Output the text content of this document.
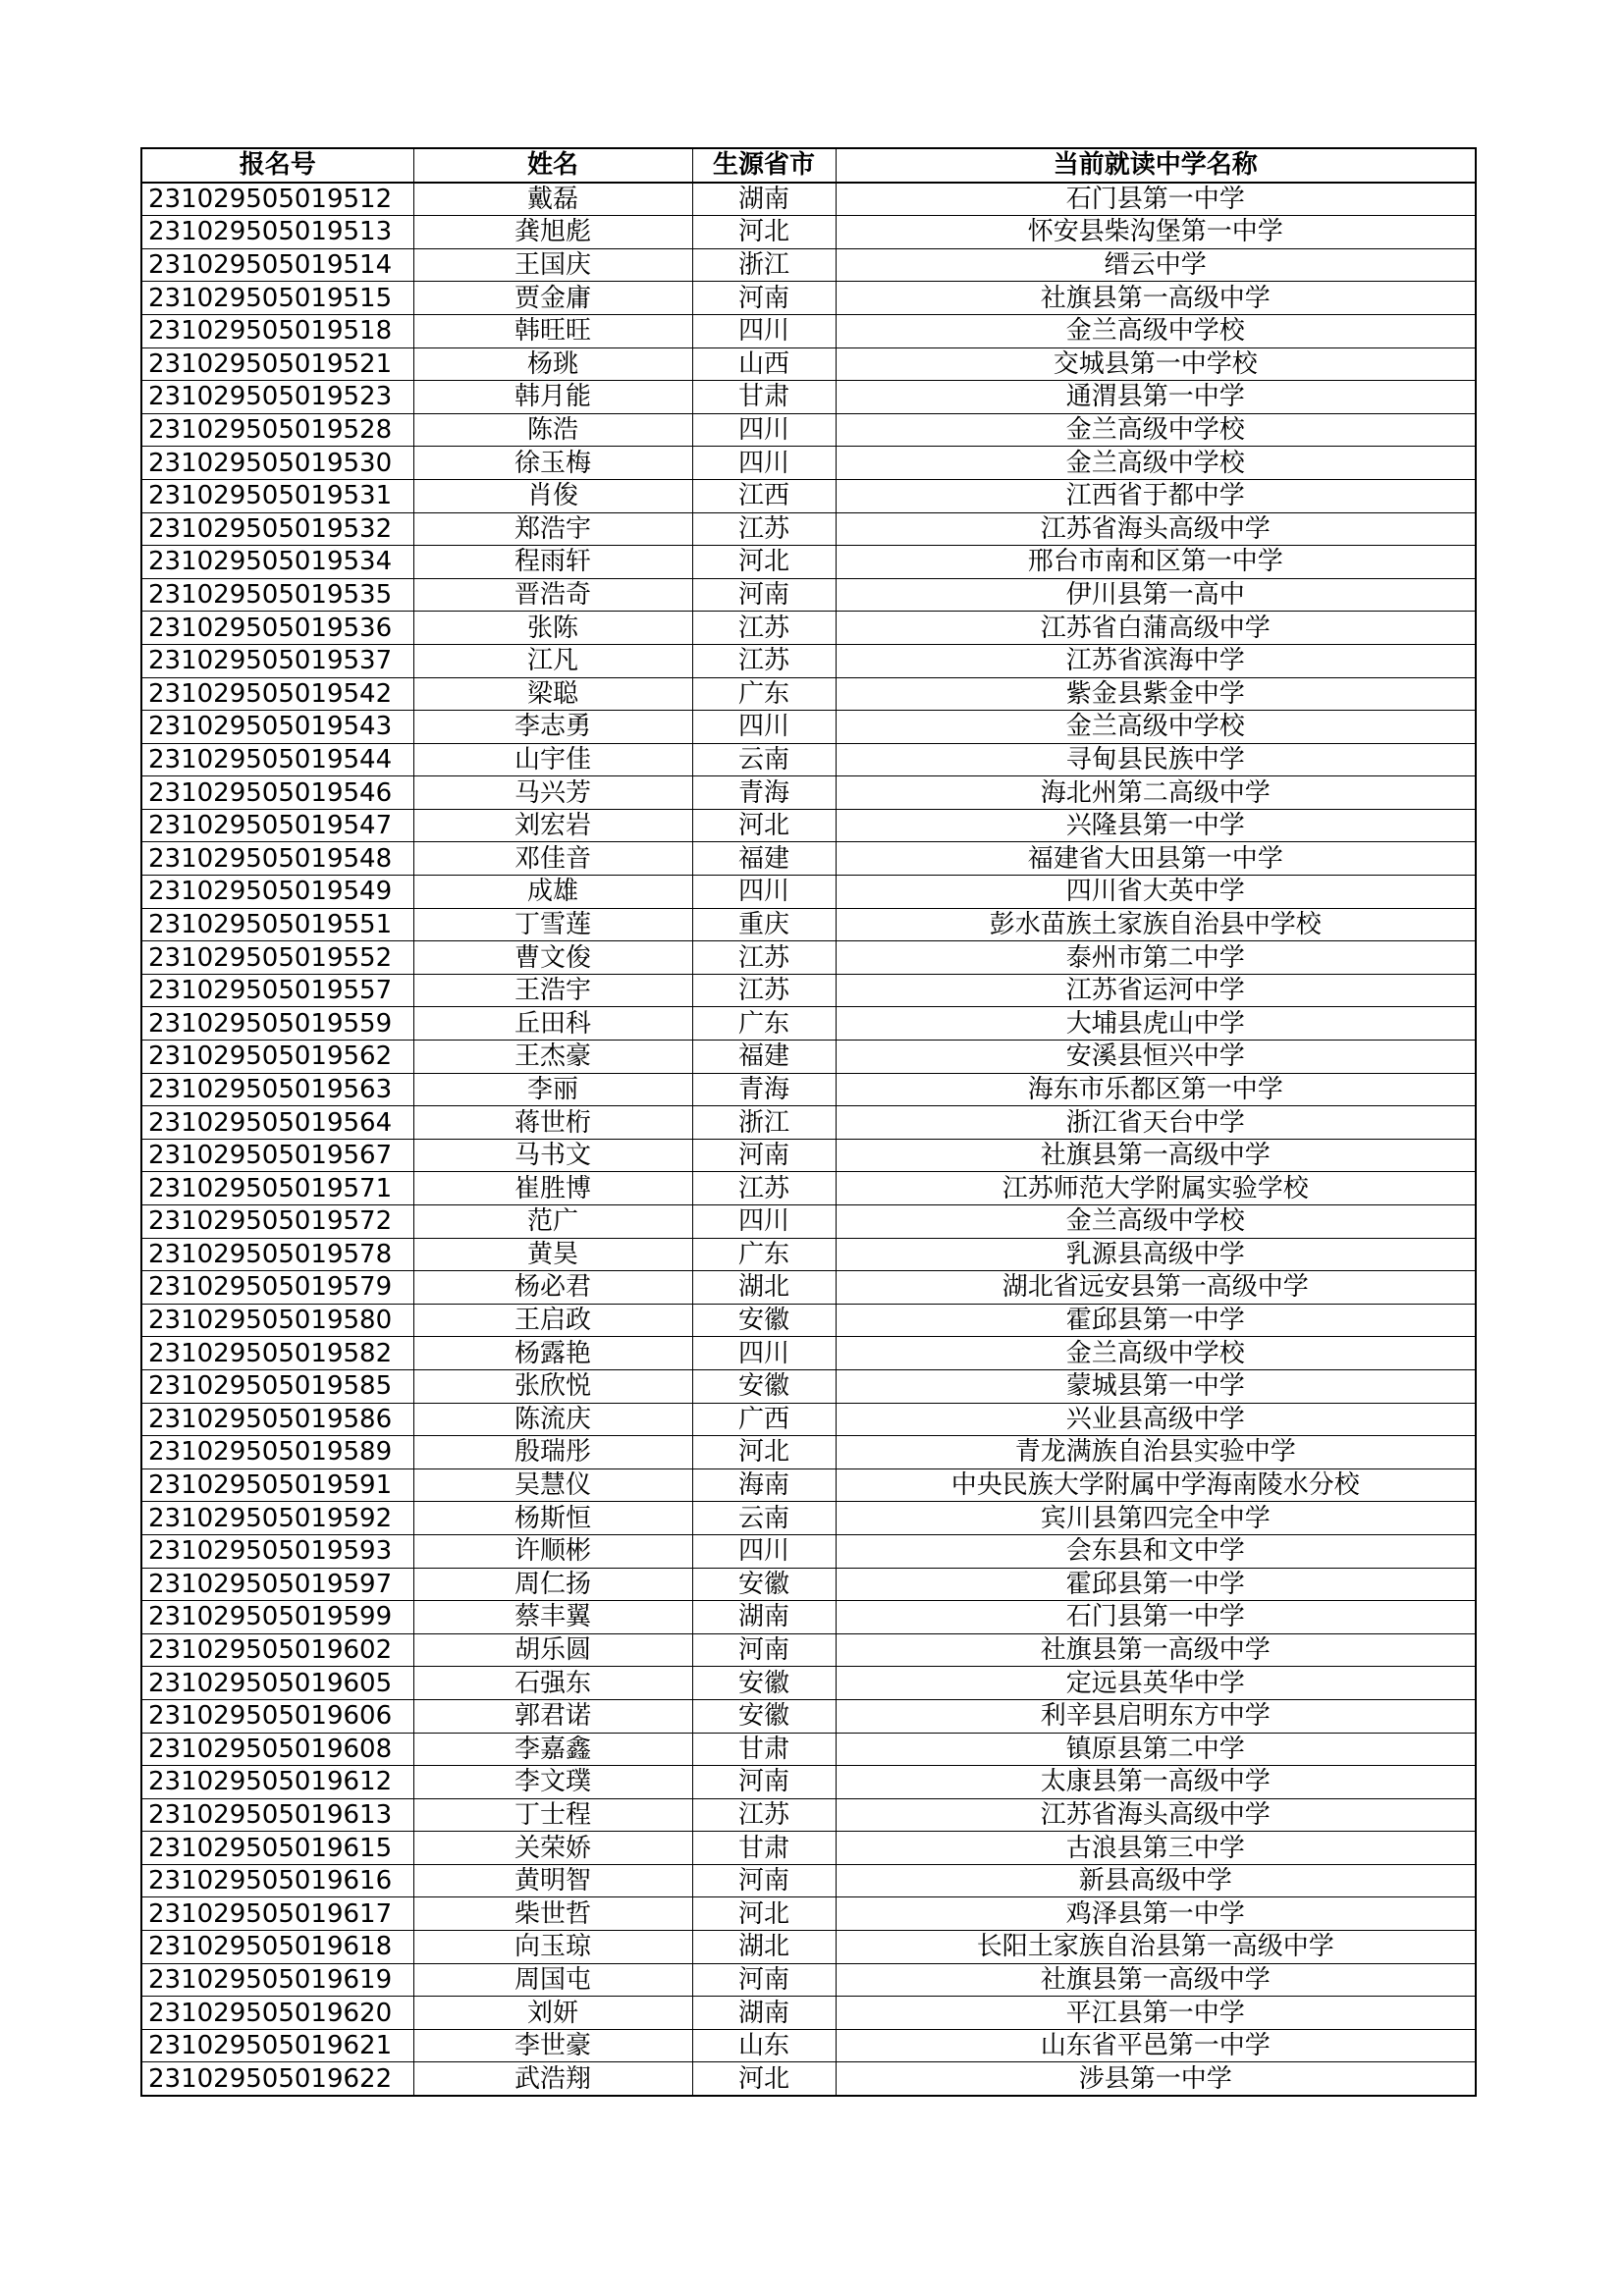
报名号	姓名	生源省市	当前就读中学名称
231029505019512	戴磊	湖南	石门县第一中学
231029505019513	龚旭彪	河北	怀安县柴沟堡第一中学
231029505019514	王国庆	浙江	缙云中学
231029505019515	贾金庸	河南	社旗县第一高级中学
231029505019518	韩旺旺	四川	金兰高级中学校
231029505019521	杨珧	山西	交城县第一中学校
231029505019523	韩月能	甘肃	通渭县第一中学
231029505019528	陈浩	四川	金兰高级中学校
231029505019530	徐玉梅	四川	金兰高级中学校
231029505019531	肖俊	江西	江西省于都中学
231029505019532	郑浩宇	江苏	江苏省海头高级中学
231029505019534	程雨轩	河北	邢台市南和区第一中学
231029505019535	晋浩奇	河南	伊川县第一高中
231029505019536	张陈	江苏	江苏省白蒲高级中学
231029505019537	江凡	江苏	江苏省滨海中学
231029505019542	梁聪	广东	紫金县紫金中学
231029505019543	李志勇	四川	金兰高级中学校
231029505019544	山宇佳	云南	寻甸县民族中学
231029505019546	马兴芳	青海	海北州第二高级中学
231029505019547	刘宏岩	河北	兴隆县第一中学
231029505019548	邓佳音	福建	福建省大田县第一中学
231029505019549	成雄	四川	四川省大英中学
231029505019551	丁雪莲	重庆	彭水苗族土家族自治县中学校
231029505019552	曹文俊	江苏	泰州市第二中学
231029505019557	王浩宇	江苏	江苏省运河中学
231029505019559	丘田科	广东	大埔县虎山中学
231029505019562	王杰豪	福建	安溪县恒兴中学
231029505019563	李丽	青海	海东市乐都区第一中学
231029505019564	蒋世桁	浙江	浙江省天台中学
231029505019567	马书文	河南	社旗县第一高级中学
231029505019571	崔胜博	江苏	江苏师范大学附属实验学校
231029505019572	范广	四川	金兰高级中学校
231029505019578	黄昊	广东	乳源县高级中学
231029505019579	杨必君	湖北	湖北省远安县第一高级中学
231029505019580	王启政	安徽	霍邱县第一中学
231029505019582	杨露艳	四川	金兰高级中学校
231029505019585	张欣悦	安徽	蒙城县第一中学
231029505019586	陈流庆	广西	兴业县高级中学
231029505019589	殷瑞彤	河北	青龙满族自治县实验中学
231029505019591	吴慧仪	海南	中央民族大学附属中学海南陵水分校
231029505019592	杨斯恒	云南	宾川县第四完全中学
231029505019593	许顺彬	四川	会东县和文中学
231029505019597	周仁扬	安徽	霍邱县第一中学
231029505019599	蔡丰翼	湖南	石门县第一中学
231029505019602	胡乐圆	河南	社旗县第一高级中学
231029505019605	石强东	安徽	定远县英华中学
231029505019606	郭君诺	安徽	利辛县启明东方中学
231029505019608	李嘉鑫	甘肃	镇原县第二中学
231029505019612	李文璞	河南	太康县第一高级中学
231029505019613	丁士程	江苏	江苏省海头高级中学
231029505019615	关荣娇	甘肃	古浪县第三中学
231029505019616	黄明智	河南	新县高级中学
231029505019617	柴世哲	河北	鸡泽县第一中学
231029505019618	向玉琼	湖北	长阳土家族自治县第一高级中学
231029505019619	周国屯	河南	社旗县第一高级中学
231029505019620	刘妍	湖南	平江县第一中学
231029505019621	李世豪	山东	山东省平邑第一中学
231029505019622	武浩翔	河北	涉县第一中学
